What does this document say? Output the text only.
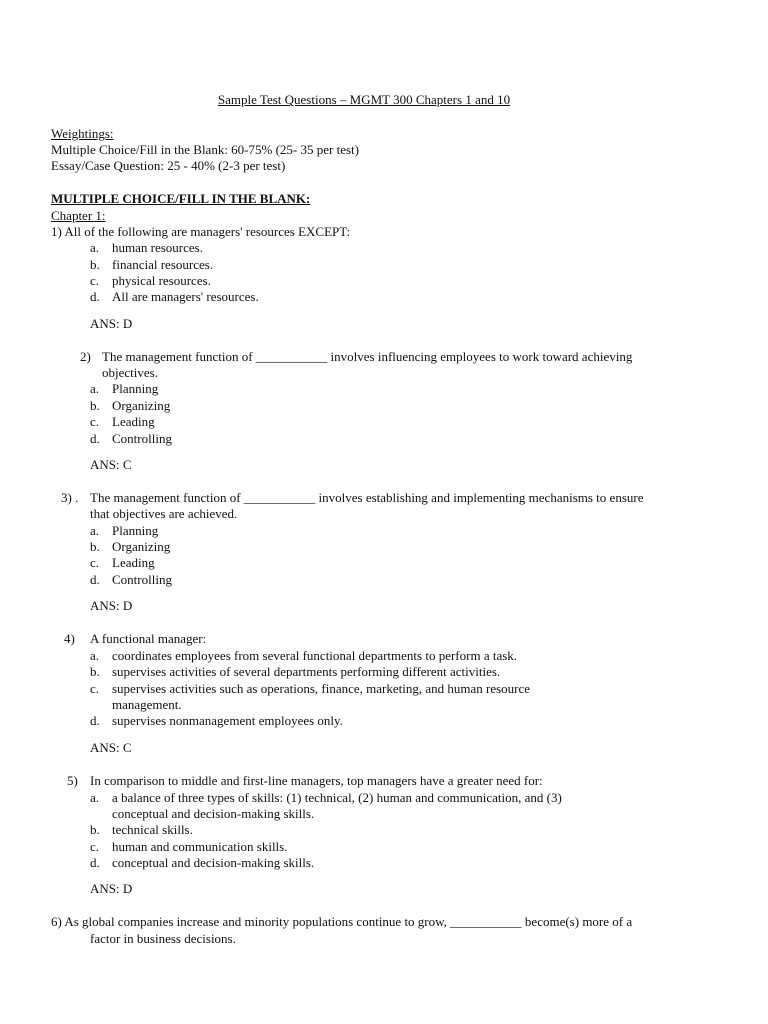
Sample Test Questions – MGMT 300 Chapters 1 and 10
Weightings:
Multiple Choice/Fill in the Blank: 60-75% (25- 35 per test)
Essay/Case Question: 25 - 40% (2-3 per test)
MULTIPLE CHOICE/FILL IN THE BLANK:
Chapter 1:
1) All of the following are managers' resources EXCEPT:
a. human resources.
b. financial resources.
c. physical resources.
d. All are managers' resources.
ANS: D
2) The management function of ___________ involves influencing employees to work toward achieving
objectives.
a. Planning
b. Organizing
c. Leading
d. Controlling
ANS: C
3) . The management function of ___________ involves establishing and implementing mechanisms to ensure
that objectives are achieved.
a. Planning
b. Organizing
c. Leading
d. Controlling
ANS: D
4) A functional manager:
a. coordinates employees from several functional departments to perform a task.
b. supervises activities of several departments performing different activities.
c. supervises activities such as operations, finance, marketing, and human resource
management.
d. supervises nonmanagement employees only.
ANS: C
5) In comparison to middle and first-line managers, top managers have a greater need for:
a. a balance of three types of skills: (1) technical, (2) human and communication, and (3)
conceptual and decision-making skills.
b. technical skills.
c. human and communication skills.
d. conceptual and decision-making skills.
ANS: D
6) As global companies increase and minority populations continue to grow, ___________ become(s) more of a
factor in business decisions.
